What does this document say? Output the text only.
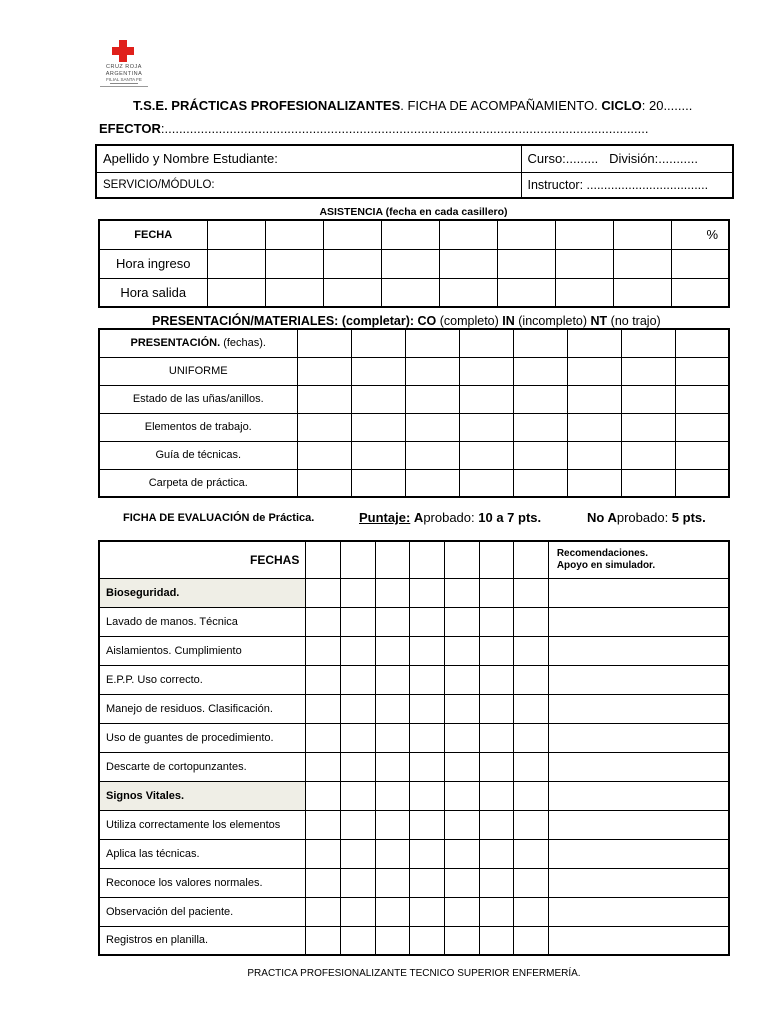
CRUZ ROJA
ARGENTINA
FILIAL SANTA FE
T.S.E. PRÁCTICAS PROFESIONALIZANTES. FICHA DE ACOMPAÑAMIENTO. CICLO: 20........
EFECTOR:......................................................................................................................................
Apellido y Nombre Estudiante:	Curso:......... División:...........
SERVICIO/MÓDULO:	Instructor: ...................................
ASISTENCIA (fecha en cada casillero)
FECHA									%
Hora ingreso									
Hora salida									
PRESENTACIÓN/MATERIALES: (completar): CO (completo) IN (incompleto) NT (no trajo)
PRESENTACIÓN. (fechas).								
UNIFORME								
Estado de las uñas/anillos.								
Elementos de trabajo.								
Guía de técnicas.								
Carpeta de práctica.								
FICHA DE EVALUACIÓN de Práctica.	Puntaje: Aprobado: 10 a 7 pts.	No Aprobado: 5 pts.
FECHAS								Recomendaciones.
Apoyo en simulador.

Bioseguridad.								
Lavado de manos. Técnica								
Aislamientos. Cumplimiento								
E.P.P. Uso correcto.								
Manejo de residuos. Clasificación.								
Uso de guantes de procedimiento.								
Descarte de cortopunzantes.								
Signos Vitales.								
Utiliza correctamente los elementos								
Aplica las técnicas.								
Reconoce los valores normales.								
Observación del paciente.								
Registros en planilla.								
PRACTICA PROFESIONALIZANTE TECNICO SUPERIOR ENFERMERÍA.
